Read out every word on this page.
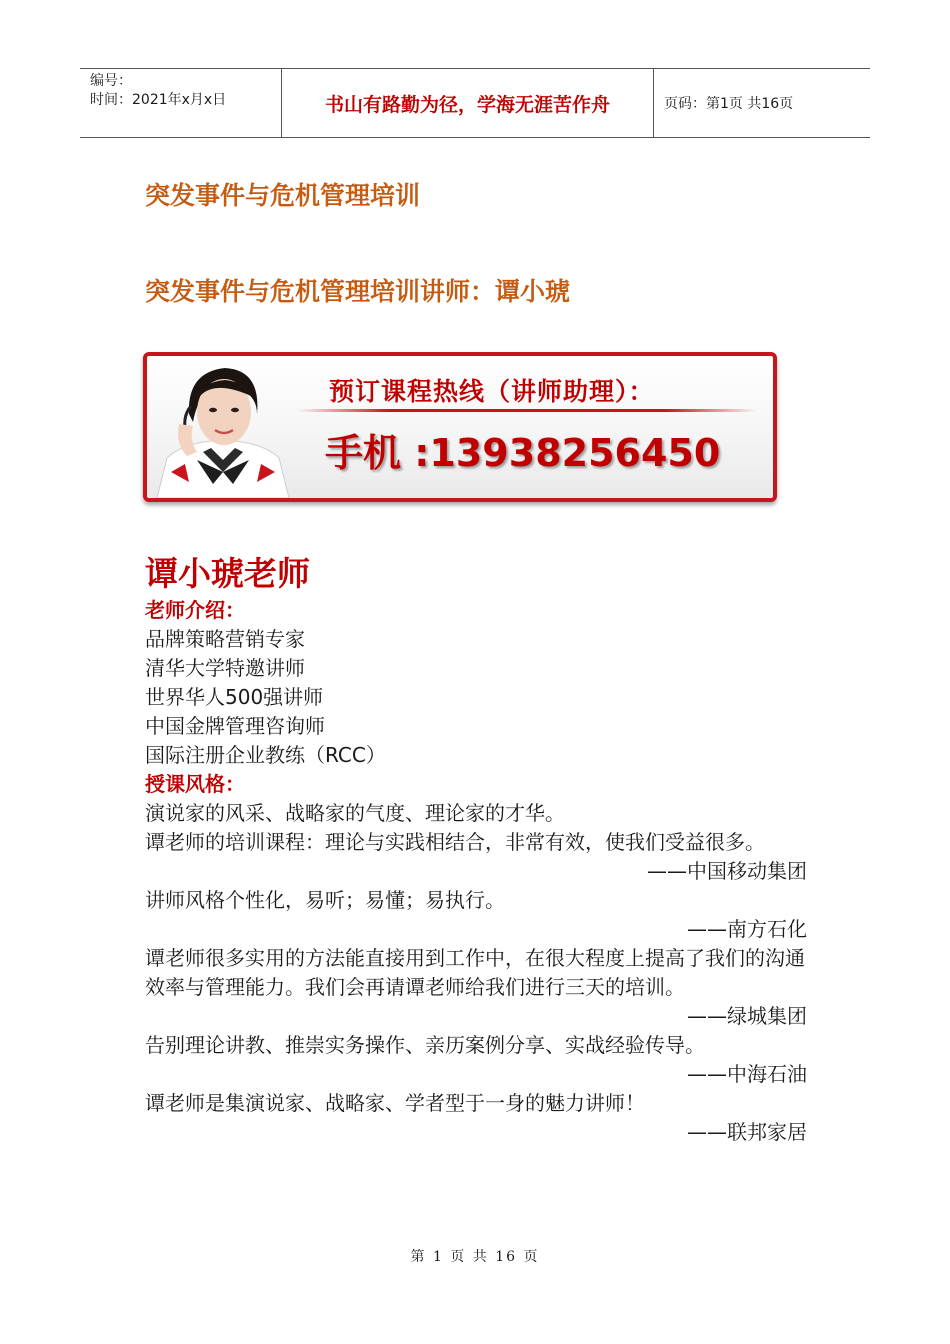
编号：
时间：2021年x月x日	书山有路勤为径，学海无涯苦作舟	页码：第1页 共16页
突发事件与危机管理培训
突发事件与危机管理培训讲师：谭小琥
预订课程热线（讲师助理）：
手机 :13938256450
谭小琥老师

老师介绍：

品牌策略营销专家

清华大学特邀讲师

世界华人500强讲师

中国金牌管理咨询师

国际注册企业教练（RCC）

授课风格：

演说家的风采、战略家的气度、理论家的才华。

谭老师的培训课程：理论与实践相结合，非常有效，使我们受益很多。

——中国移动集团

讲师风格个性化，易听；易懂；易执行。

——南方石化

谭老师很多实用的方法能直接用到工作中，在很大程度上提高了我们的沟通效率与管理能力。我们会再请谭老师给我们进行三天的培训。

——绿城集团

告别理论讲教、推崇实务操作、亲历案例分享、实战经验传导。

——中海石油

谭老师是集演说家、战略家、学者型于一身的魅力讲师！

——联邦家居

第 1 页 共 16 页
